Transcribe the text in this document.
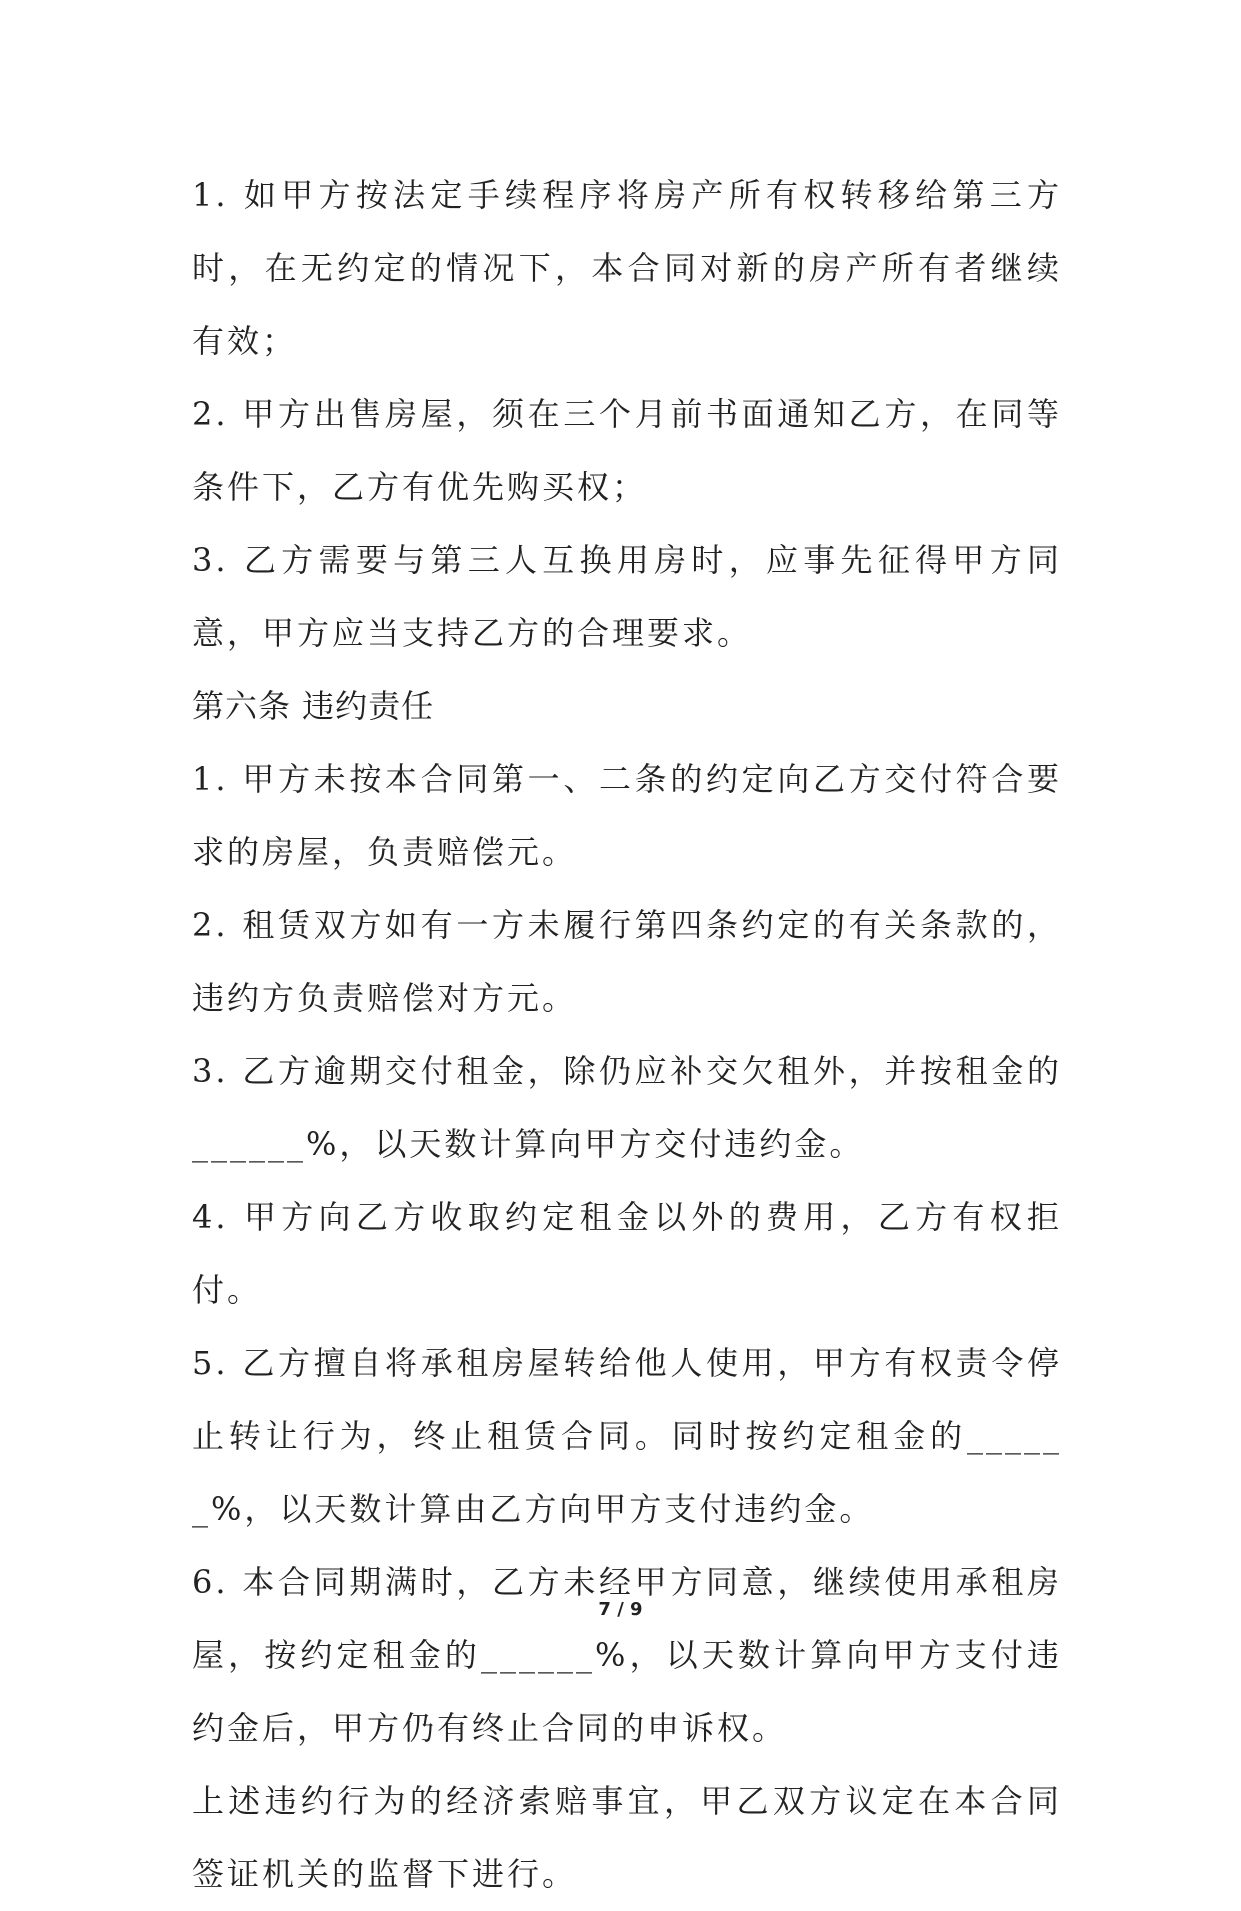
1. 如甲方按法定手续程序将房产所有权转移给第三方时，在无约定的情况下，本合同对新的房产所有者继续有效；

2. 甲方出售房屋，须在三个月前书面通知乙方，在同等条件下，乙方有优先购买权；

3. 乙方需要与第三人互换用房时，应事先征得甲方同意，甲方应当支持乙方的合理要求。

第六条 违约责任

1. 甲方未按本合同第一、二条的约定向乙方交付符合要求的房屋，负责赔偿元。

2. 租赁双方如有一方未履行第四条约定的有关条款的，违约方负责赔偿对方元。

3. 乙方逾期交付租金，除仍应补交欠租外，并按租金的______%，以天数计算向甲方交付违约金。

4. 甲方向乙方收取约定租金以外的费用，乙方有权拒付。

5. 乙方擅自将承租房屋转给他人使用，甲方有权责令停止转让行为，终止租赁合同。同时按约定租金的______%，以天数计算由乙方向甲方支付违约金。

6. 本合同期满时，乙方未经甲方同意，继续使用承租房屋，按约定租金的______%，以天数计算向甲方支付违约金后，甲方仍有终止合同的申诉权。

上述违约行为的经济索赔事宜，甲乙双方议定在本合同签证机关的监督下进行。

7 / 9
